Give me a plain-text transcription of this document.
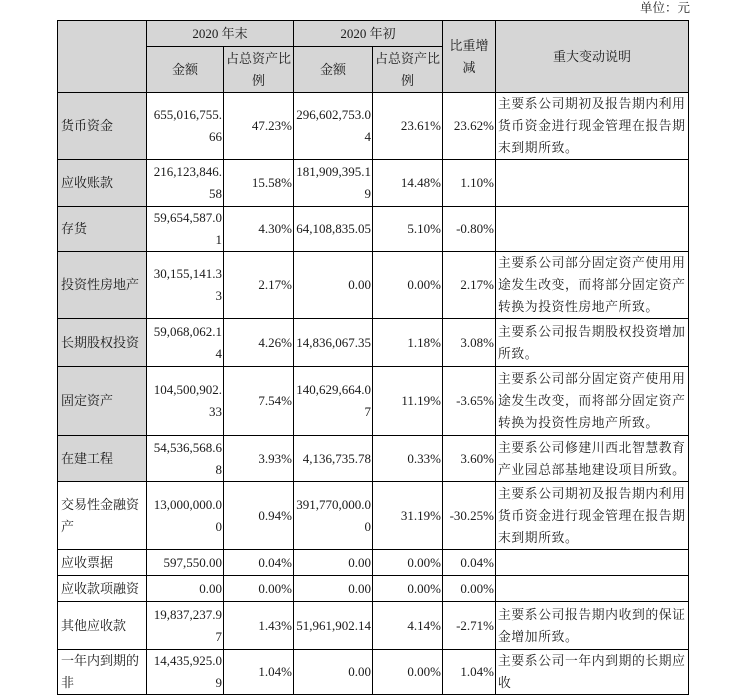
单位：元
	2020 年末		2020 年初		比重增减	重大变动说明
	金额	占总资产比例	金额	占总资产比例		
货币资金	655,016,755.66	47.23%	296,602,753.04	23.61%	23.62%	主要系公司期初及报告期内利用货币资金进行现金管理在报告期末到期所致。
应收账款	216,123,846.58	15.58%	181,909,395.19	14.48%	1.10%	
存货	59,654,587.01	4.30%	64,108,835.05	5.10%	-0.80%	
投资性房地产	30,155,141.33	2.17%	0.00	0.00%	2.17%	主要系公司部分固定资产使用用途发生改变，而将部分固定资产转换为投资性房地产所致。
长期股权投资	59,068,062.14	4.26%	14,836,067.35	1.18%	3.08%	主要系公司报告期股权投资增加所致。
固定资产	104,500,902.33	7.54%	140,629,664.07	11.19%	-3.65%	主要系公司部分固定资产使用用途发生改变，而将部分固定资产转换为投资性房地产所致。
在建工程	54,536,568.68	3.93%	4,136,735.78	0.33%	3.60%	主要系公司修建川西北智慧教育产业园总部基地建设项目所致。
交易性金融资产	13,000,000.00	0.94%	391,770,000.00	31.19%	-30.25%	主要系公司期初及报告期内利用货币资金进行现金管理在报告期末到期所致。
应收票据	597,550.00	0.04%	0.00	0.00%	0.04%	
应收款项融资	0.00	0.00%	0.00	0.00%	0.00%	
其他应收款	19,837,237.97	1.43%	51,961,902.14	4.14%	-2.71%	主要系公司报告期内收到的保证金增加所致。
一年内到期的非	14,435,925.09	1.04%	0.00	0.00%	1.04%	主要系公司一年内到期的长期应收
